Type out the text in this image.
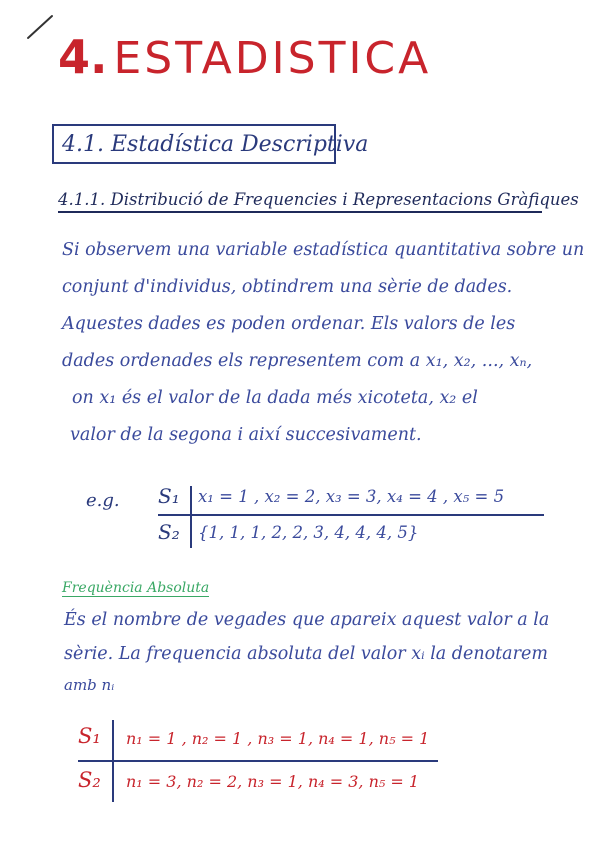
4. ESTADISTICA
4.1. Estadística Descriptiva
4.1.1. Distribució de Frequencies i Representacions Gràfiques
Si observem una variable estadística quantitativa sobre un
conjunt d'individus, obtindrem una sèrie de dades.
Aquestes dades es poden ordenar. Els valors de les
dades ordenades els representem com a x₁, x₂, ..., xₙ,
on x₁ és el valor de la dada més xicoteta, x₂ el
valor de la segona i així succesivament.
e.g. S₁ x₁ = 1 , x₂ = 2, x₃ = 3, x₄ = 4 , x₅ = 5
S₂ {1, 1, 1, 2, 2, 3, 4, 4, 4, 5}
Frequència Absoluta
És el nombre de vegades que apareix aquest valor a la
sèrie. La frequencia absoluta del valor xᵢ la denotarem
amb nᵢ
S₁ n₁ = 1 , n₂ = 1 , n₃ = 1, n₄ = 1, n₅ = 1
S₂ n₁ = 3, n₂ = 2, n₃ = 1, n₄ = 3, n₅ = 1
